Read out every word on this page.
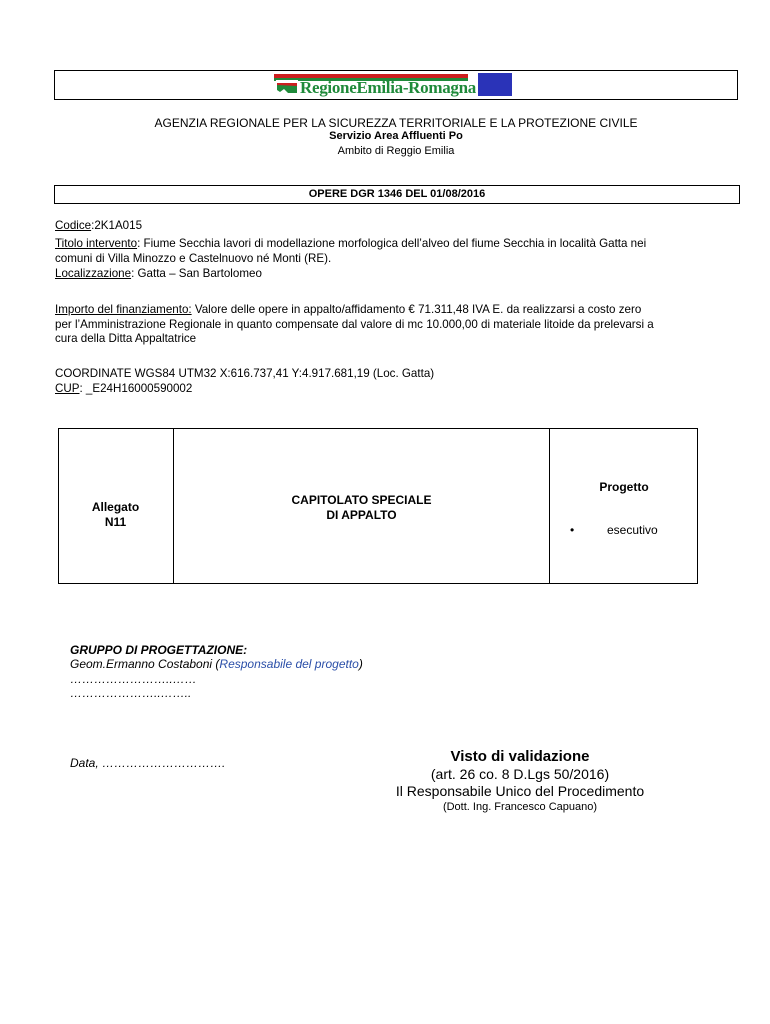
RegioneEmilia-Romagna
AGENZIA REGIONALE PER LA SICUREZZA TERRITORIALE E LA PROTEZIONE CIVILE
Servizio Area Affluenti Po
Ambito di Reggio Emilia
OPERE DGR 1346 DEL 01/08/2016
Codice:2K1A015
Titolo intervento: Fiume Secchia lavori di modellazione morfologica dell’alveo del fiume Secchia in località Gatta nei
comuni di Villa Minozzo e Castelnuovo né Monti (RE).
Localizzazione: Gatta – San Bartolomeo
Importo del finanziamento: Valore delle opere in appalto/affidamento € 71.311,48 IVA E. da realizzarsi a costo zero
per l’Amministrazione Regionale in quanto compensate dal valore di mc 10.000,00 di materiale litoide da prelevarsi a
cura della Ditta Appaltatrice
COORDINATE WGS84 UTM32 X:616.737,41 Y:4.917.681,19 (Loc. Gatta)
CUP: _E24H16000590002
Allegato
N11
CAPITOLATO SPECIALE
DI APPALTO
Progetto
•	esecutivo
GRUPPO DI PROGETTAZIONE:
Geom.Ermanno Costaboni (Responsabile del progetto)
……………………..……
…………………..……..
Data, ………………………….	Visto di validazione
(art. 26 co. 8 D.Lgs 50/2016)
Il Responsabile Unico del Procedimento
(Dott. Ing. Francesco Capuano)
